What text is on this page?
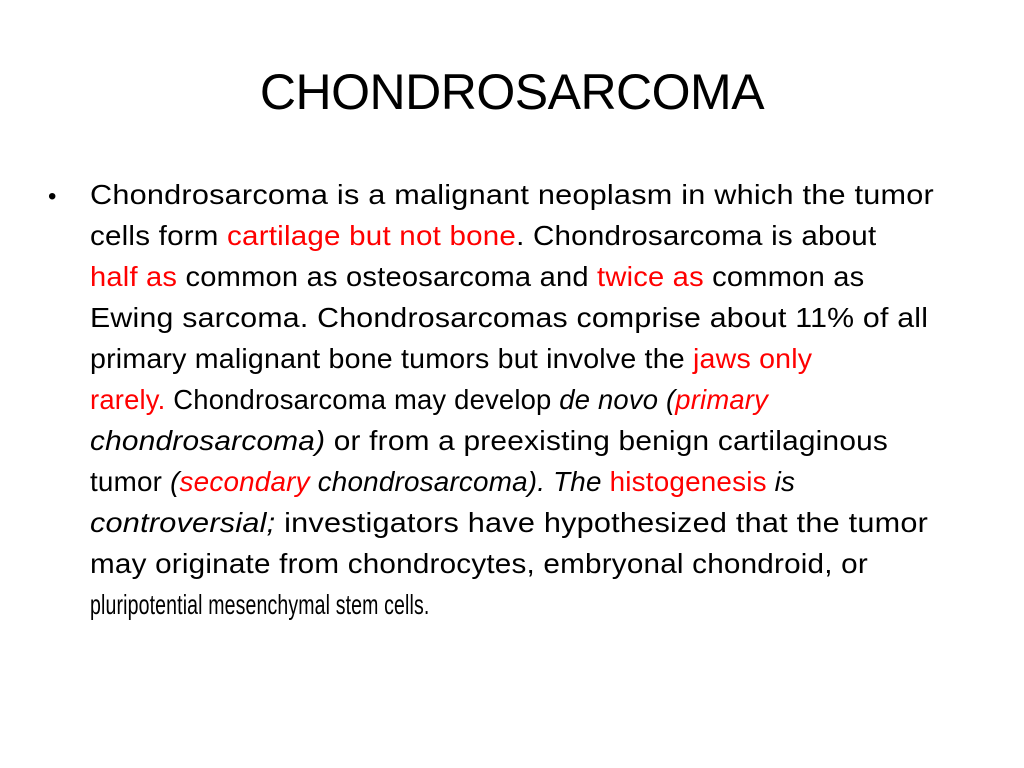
CHONDROSARCOMA
• Chondrosarcoma is a malignant neoplasm in which the tumor
cells form cartilage but not bone. Chondrosarcoma is about
half as common as osteosarcoma and twice as common as
Ewing sarcoma. Chondrosarcomas comprise about 11% of all
primary malignant bone tumors but involve the jaws only
rarely. Chondrosarcoma may develop de novo (primary
chondrosarcoma) or from a preexisting benign cartilaginous
tumor (secondary chondrosarcoma). The histogenesis is
controversial; investigators have hypothesized that the tumor
may originate from chondrocytes, embryonal chondroid, or
pluripotential mesenchymal stem cells.
